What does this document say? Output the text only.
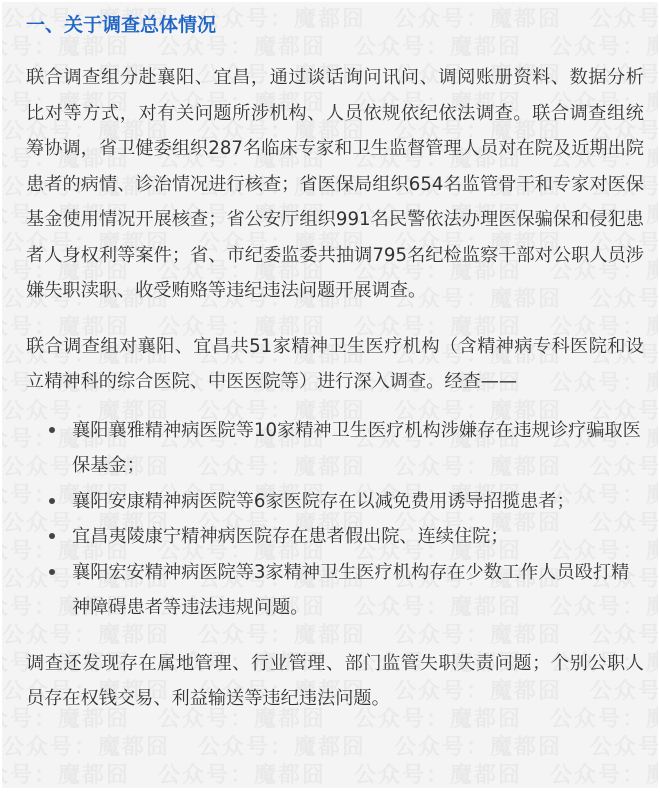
一、关于调查总体情况

联合调查组分赴襄阳、宜昌，通过谈话询问讯问、调阅账册资料、数据分析比对等方式，对有关问题所涉机构、人员依规依纪依法调查。联合调查组统筹协调，省卫健委组织287名临床专家和卫生监督管理人员对在院及近期出院患者的病情、诊治情况进行核查；省医保局组织654名监管骨干和专家对医保基金使用情况开展核查；省公安厅组织991名民警依法办理医保骗保和侵犯患者人身权利等案件；省、市纪委监委共抽调795名纪检监察干部对公职人员涉嫌失职渎职、收受贿赂等违纪违法问题开展调查。

联合调查组对襄阳、宜昌共51家精神卫生医疗机构（含精神病专科医院和设立精神科的综合医院、中医医院等）进行深入调查。经查——

襄阳襄雅精神病医院等10家精神卫生医疗机构涉嫌存在违规诊疗骗取医保基金；
襄阳安康精神病医院等6家医院存在以减免费用诱导招揽患者；
宜昌夷陵康宁精神病医院存在患者假出院、连续住院；
襄阳宏安精神病医院等3家精神卫生医疗机构存在少数工作人员殴打精神障碍患者等违法违规问题。

调查还发现存在属地管理、行业管理、部门监管失职失责问题；个别公职人员存在权钱交易、利益输送等违纪违法问题。
